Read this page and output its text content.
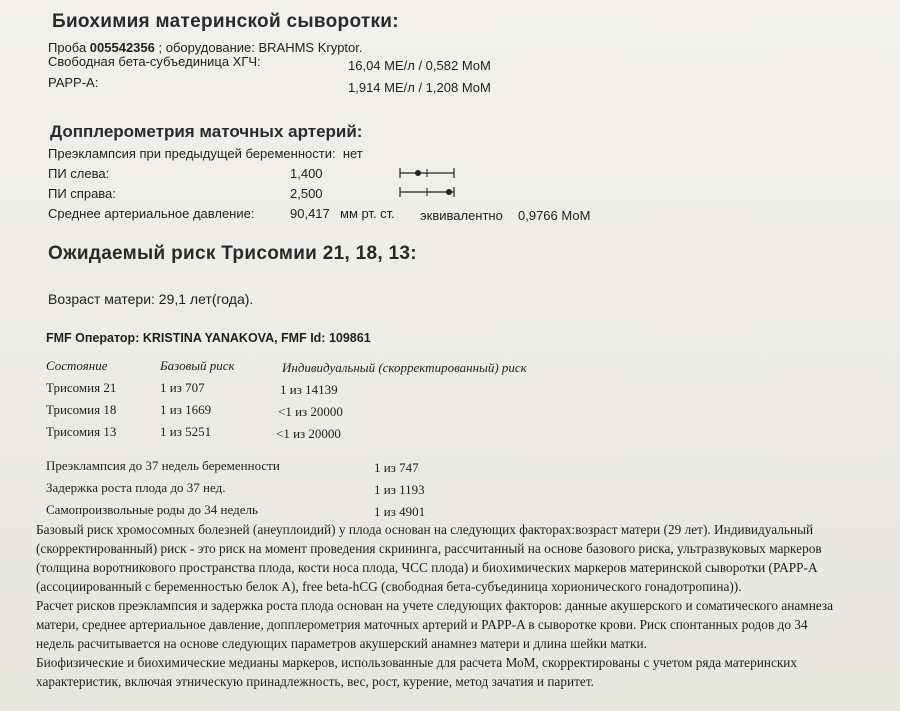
Биохимия материнской сыворотки:
Проба 005542356 ; оборудование: BRAHMS Kryptor.
Свободная бета-субъединица ХГЧ:	16,04 МЕ/л / 0,582 МоМ
PAPP-A:	1,914 МЕ/л / 1,208 МоМ
Допплерометрия маточных артерий:
Преэклампсия при предыдущей беременности: нет
ПИ слева:	1,400
ПИ справа:	2,500
Среднее артериальное давление:	90,417 мм рт. ст. эквивалентно 0,9766 МоМ
Ожидаемый риск Трисомии 21, 18, 13:
Возраст матери: 29,1 лет(года).
FMF Оператор: KRISTINA YANAKOVA, FMF Id: 109861
Состояние	Базовый риск	Индивидуальный (скорректированный) риск
Трисомия 21	1 из 707	1 из 14139
Трисомия 18	1 из 1669	<1 из 20000
Трисомия 13	1 из 5251	<1 из 20000
Преэклампсия до 37 недель беременности	1 из 747
Задержка роста плода до 37 нед.	1 из 1193
Самопроизвольные роды до 34 недель	1 из 4901
Базовый риск хромосомных болезней (анеуплоидий) у плода основан на следующих факторах:возраст матери (29 лет). Индивидуальный
(скорректированный) риск - это риск на момент проведения скрининга, рассчитанный на основе базового риска, ультразвуковых маркеров
(толщина воротникового пространства плода, кости носа плода, ЧСС плода) и биохимических маркеров материнской сыворотки (PAPP-A
(ассоциированный с беременностью белок А), free beta-hCG (свободная бета-субъединица хорионического гонадотропина)).
Расчет рисков преэклампсия и задержка роста плода основан на учете следующих факторов: данные акушерского и соматического анамнеза
матери, среднее артериальное давление, допплерометрия маточных артерий и PAPP-A в сыворотке крови. Риск спонтанных родов до 34
недель расчитывается на основе следующих параметров акушерский анамнез матери и длина шейки матки.
Биофизические и биохимические медианы маркеров, использованные для расчета МоМ, скорректированы с учетом ряда материнских
характеристик, включая этническую принадлежность, вес, рост, курение, метод зачатия и паритет.
